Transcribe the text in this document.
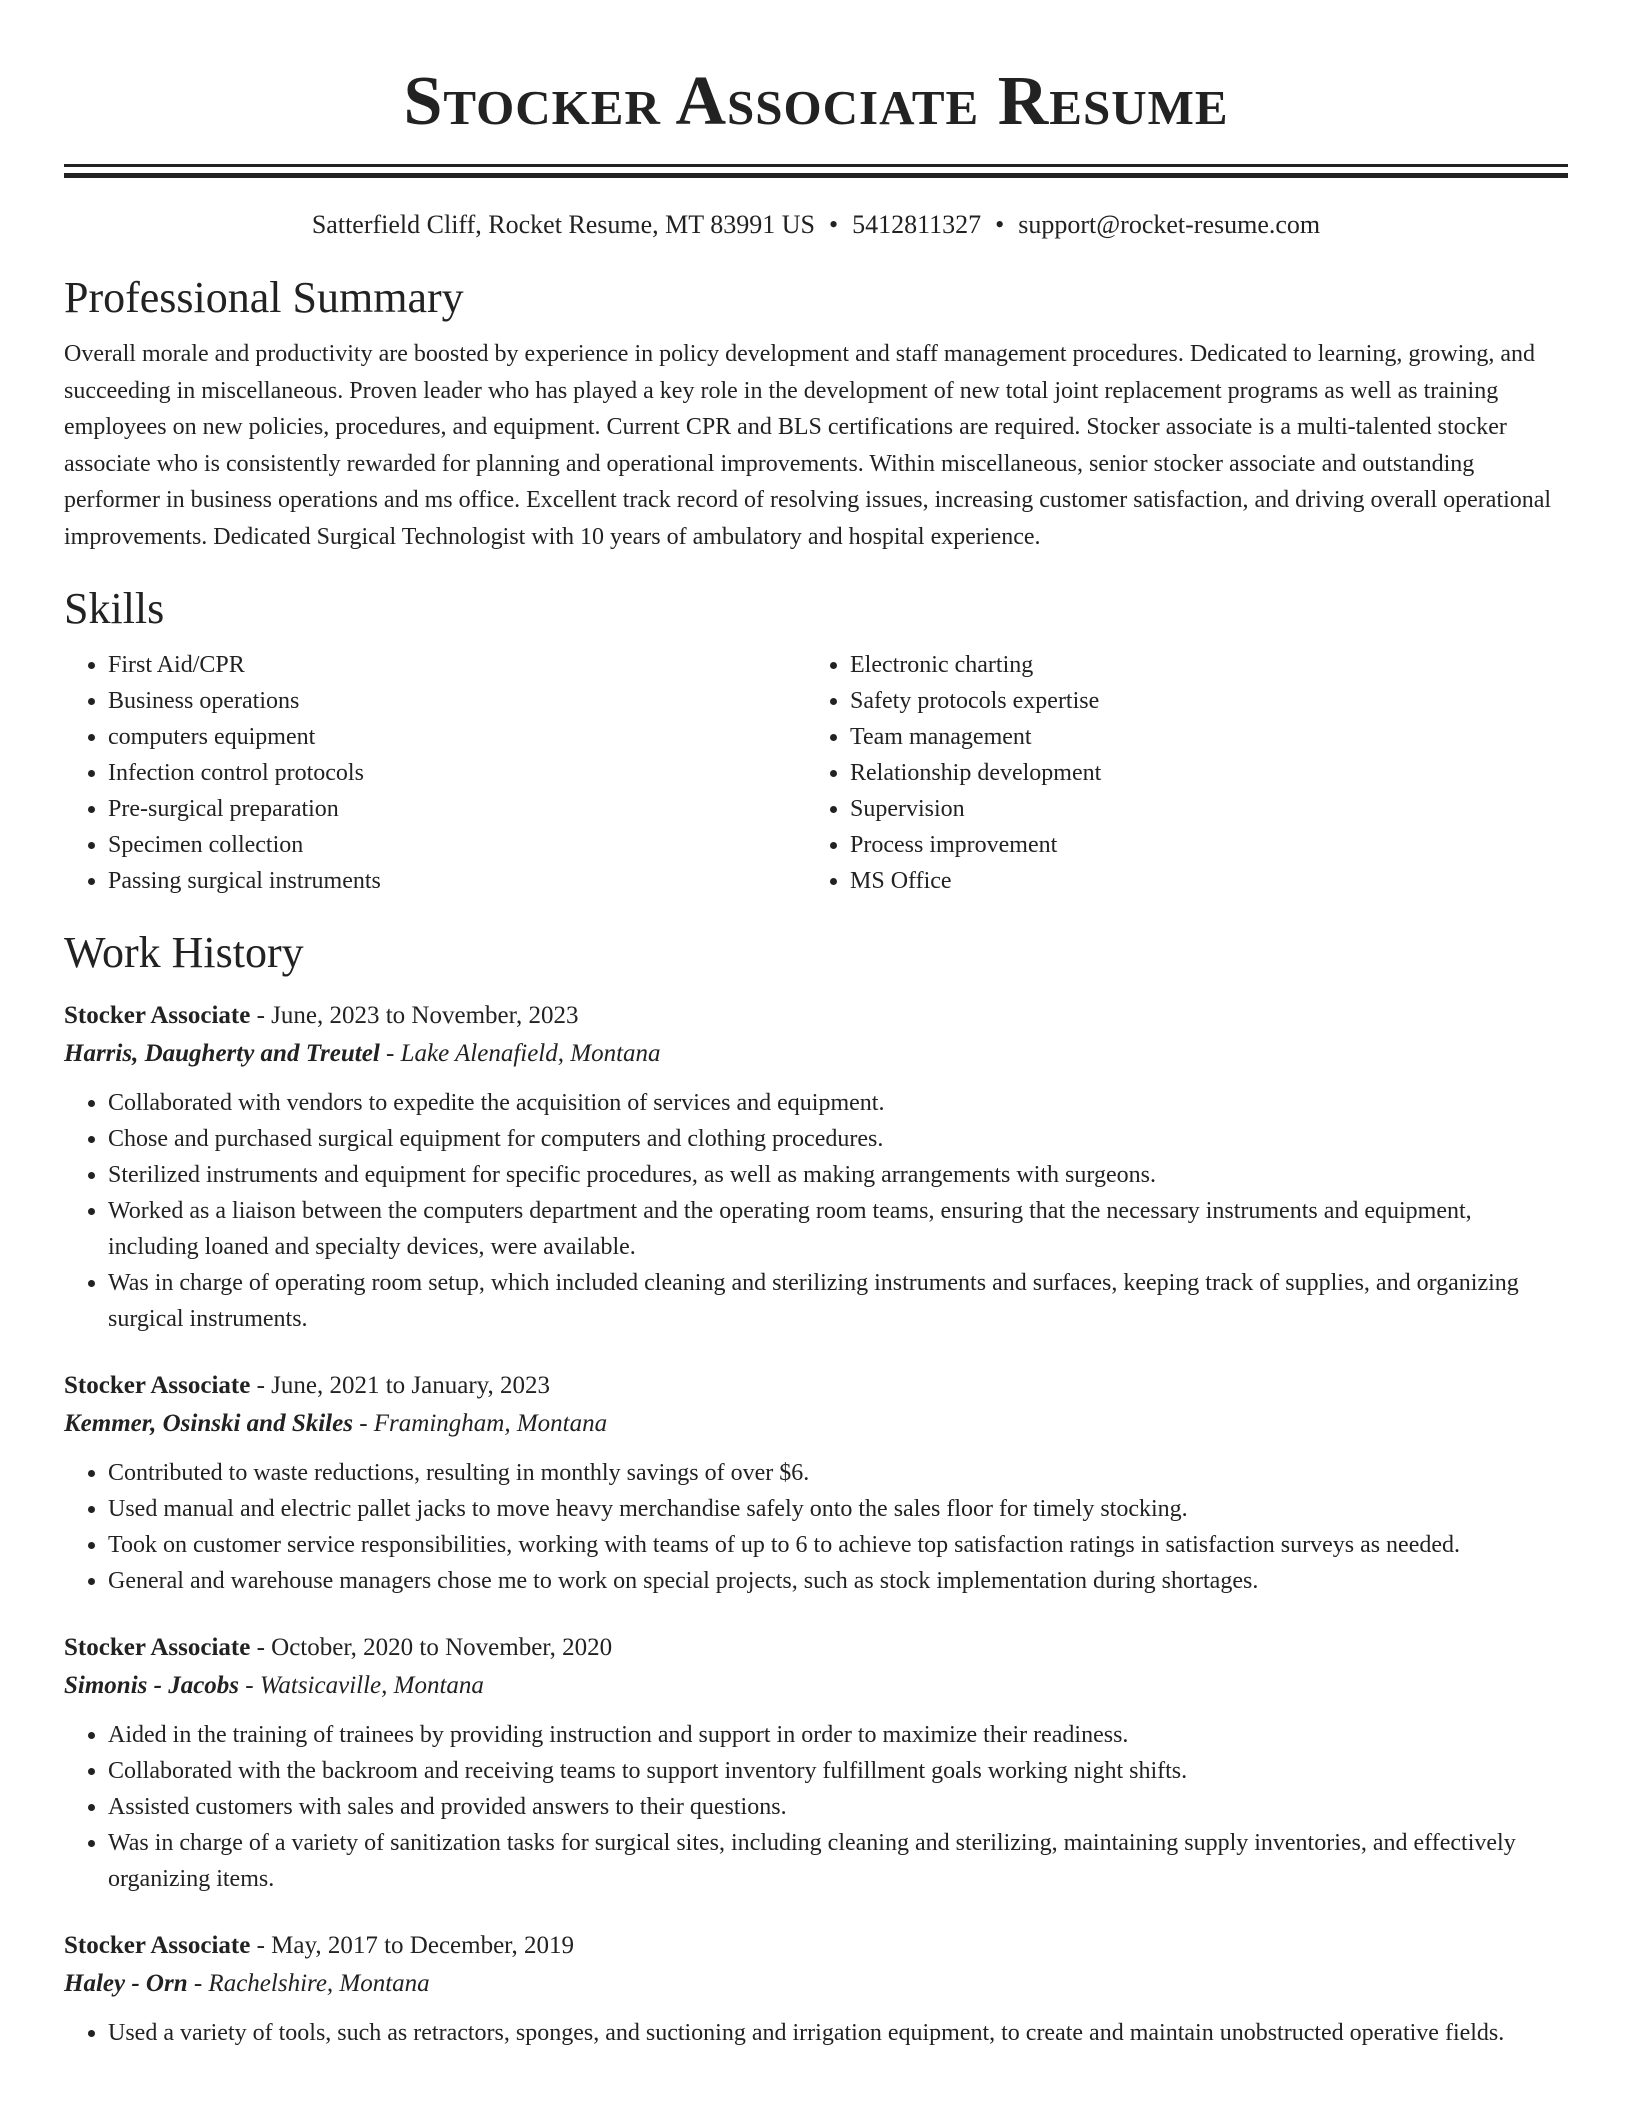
Stocker Associate Resume
Satterfield Cliff, Rocket Resume, MT 83991 US • 5412811327 • support@rocket-resume.com
Professional Summary

Overall morale and productivity are boosted by experience in policy development and staff management procedures. Dedicated to learning, growing, and succeeding in miscellaneous. Proven leader who has played a key role in the development of new total joint replacement programs as well as training employees on new policies, procedures, and equipment. Current CPR and BLS certifications are required. Stocker associate is a multi-talented stocker associate who is consistently rewarded for planning and operational improvements. Within miscellaneous, senior stocker associate and outstanding performer in business operations and ms office. Excellent track record of resolving issues, increasing customer satisfaction, and driving overall operational improvements. Dedicated Surgical Technologist with 10 years of ambulatory and hospital experience.

Skills
• First Aid/CPR
• Business operations
• computers equipment
• Infection control protocols
• Pre-surgical preparation
• Specimen collection
• Passing surgical instruments
• Electronic charting
• Safety protocols expertise
• Team management
• Relationship development
• Supervision
• Process improvement
• MS Office
Work History
Stocker Associate - June, 2023 to November, 2023
Harris, Daugherty and Treutel - Lake Alenafield, Montana
• Collaborated with vendors to expedite the acquisition of services and equipment.
• Chose and purchased surgical equipment for computers and clothing procedures.
• Sterilized instruments and equipment for specific procedures, as well as making arrangements with surgeons.
• Worked as a liaison between the computers department and the operating room teams, ensuring that the necessary instruments and equipment, including loaned and specialty devices, were available.
• Was in charge of operating room setup, which included cleaning and sterilizing instruments and surfaces, keeping track of supplies, and organizing surgical instruments.
Stocker Associate - June, 2021 to January, 2023
Kemmer, Osinski and Skiles - Framingham, Montana
• Contributed to waste reductions, resulting in monthly savings of over $6.
• Used manual and electric pallet jacks to move heavy merchandise safely onto the sales floor for timely stocking.
• Took on customer service responsibilities, working with teams of up to 6 to achieve top satisfaction ratings in satisfaction surveys as needed.
• General and warehouse managers chose me to work on special projects, such as stock implementation during shortages.
Stocker Associate - October, 2020 to November, 2020
Simonis - Jacobs - Watsicaville, Montana
• Aided in the training of trainees by providing instruction and support in order to maximize their readiness.
• Collaborated with the backroom and receiving teams to support inventory fulfillment goals working night shifts.
• Assisted customers with sales and provided answers to their questions.
• Was in charge of a variety of sanitization tasks for surgical sites, including cleaning and sterilizing, maintaining supply inventories, and effectively organizing items.
Stocker Associate - May, 2017 to December, 2019
Haley - Orn - Rachelshire, Montana
• Used a variety of tools, such as retractors, sponges, and suctioning and irrigation equipment, to create and maintain unobstructed operative fields.
